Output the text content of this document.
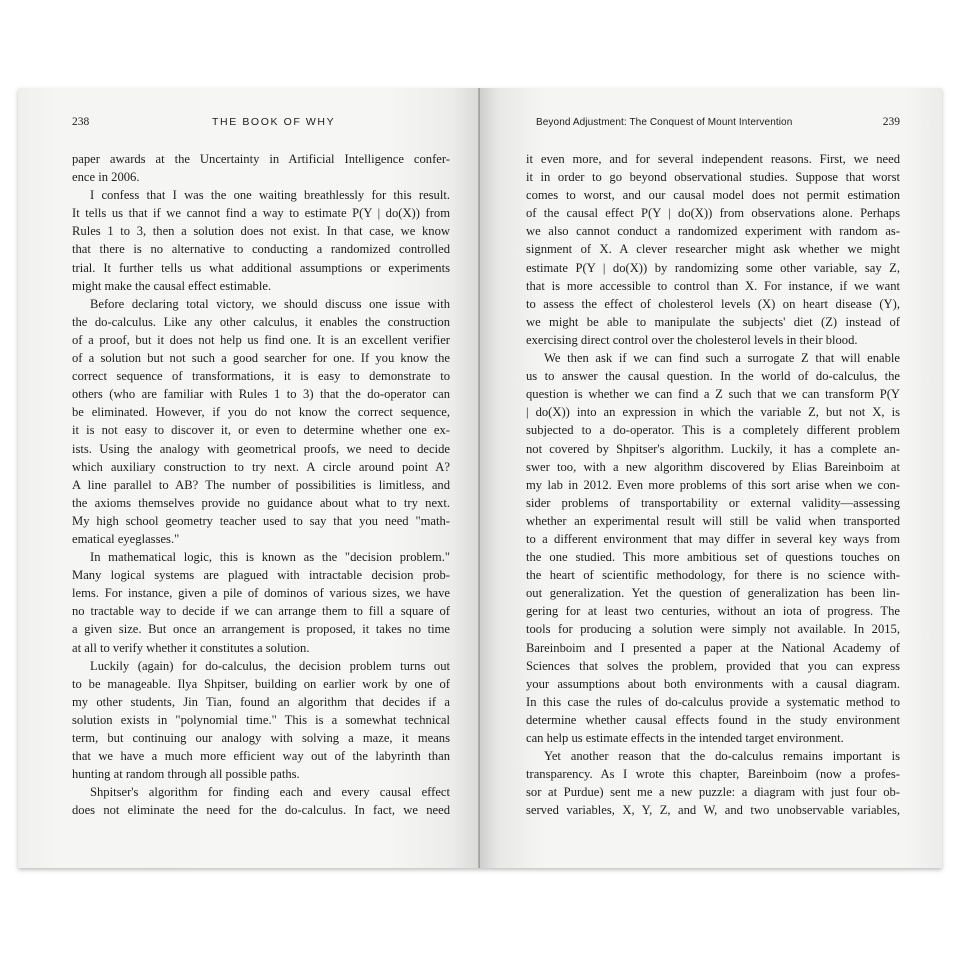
238	THE BOOK OF WHY
paper awards at the Uncertainty in Artificial Intelligence confer-
ence in 2006.
I confess that I was the one waiting breathlessly for this result.
It tells us that if we cannot find a way to estimate P(Y | do(X)) from
Rules 1 to 3, then a solution does not exist. In that case, we know
that there is no alternative to conducting a randomized controlled
trial. It further tells us what additional assumptions or experiments
might make the causal effect estimable.
Before declaring total victory, we should discuss one issue with
the do-calculus. Like any other calculus, it enables the construction
of a proof, but it does not help us find one. It is an excellent verifier
of a solution but not such a good searcher for one. If you know the
correct sequence of transformations, it is easy to demonstrate to
others (who are familiar with Rules 1 to 3) that the do-operator can
be eliminated. However, if you do not know the correct sequence,
it is not easy to discover it, or even to determine whether one ex-
ists. Using the analogy with geometrical proofs, we need to decide
which auxiliary construction to try next. A circle around point A?
A line parallel to AB? The number of possibilities is limitless, and
the axioms themselves provide no guidance about what to try next.
My high school geometry teacher used to say that you need "math-
ematical eyeglasses."
In mathematical logic, this is known as the "decision problem."
Many logical systems are plagued with intractable decision prob-
lems. For instance, given a pile of dominos of various sizes, we have
no tractable way to decide if we can arrange them to fill a square of
a given size. But once an arrangement is proposed, it takes no time
at all to verify whether it constitutes a solution.
Luckily (again) for do-calculus, the decision problem turns out
to be manageable. Ilya Shpitser, building on earlier work by one of
my other students, Jin Tian, found an algorithm that decides if a
solution exists in "polynomial time." This is a somewhat technical
term, but continuing our analogy with solving a maze, it means
that we have a much more efficient way out of the labyrinth than
hunting at random through all possible paths.
Shpitser's algorithm for finding each and every causal effect
does not eliminate the need for the do-calculus. In fact, we need
Beyond Adjustment: The Conquest of Mount Intervention	239
it even more, and for several independent reasons. First, we need
it in order to go beyond observational studies. Suppose that worst
comes to worst, and our causal model does not permit estimation
of the causal effect P(Y | do(X)) from observations alone. Perhaps
we also cannot conduct a randomized experiment with random as-
signment of X. A clever researcher might ask whether we might
estimate P(Y | do(X)) by randomizing some other variable, say Z,
that is more accessible to control than X. For instance, if we want
to assess the effect of cholesterol levels (X) on heart disease (Y),
we might be able to manipulate the subjects' diet (Z) instead of
exercising direct control over the cholesterol levels in their blood.
We then ask if we can find such a surrogate Z that will enable
us to answer the causal question. In the world of do-calculus, the
question is whether we can find a Z such that we can transform P(Y
| do(X)) into an expression in which the variable Z, but not X, is
subjected to a do-operator. This is a completely different problem
not covered by Shpitser's algorithm. Luckily, it has a complete an-
swer too, with a new algorithm discovered by Elias Bareinboim at
my lab in 2012. Even more problems of this sort arise when we con-
sider problems of transportability or external validity—assessing
whether an experimental result will still be valid when transported
to a different environment that may differ in several key ways from
the one studied. This more ambitious set of questions touches on
the heart of scientific methodology, for there is no science with-
out generalization. Yet the question of generalization has been lin-
gering for at least two centuries, without an iota of progress. The
tools for producing a solution were simply not available. In 2015,
Bareinboim and I presented a paper at the National Academy of
Sciences that solves the problem, provided that you can express
your assumptions about both environments with a causal diagram.
In this case the rules of do-calculus provide a systematic method to
determine whether causal effects found in the study environment
can help us estimate effects in the intended target environment.
Yet another reason that the do-calculus remains important is
transparency. As I wrote this chapter, Bareinboim (now a profes-
sor at Purdue) sent me a new puzzle: a diagram with just four ob-
served variables, X, Y, Z, and W, and two unobservable variables,
